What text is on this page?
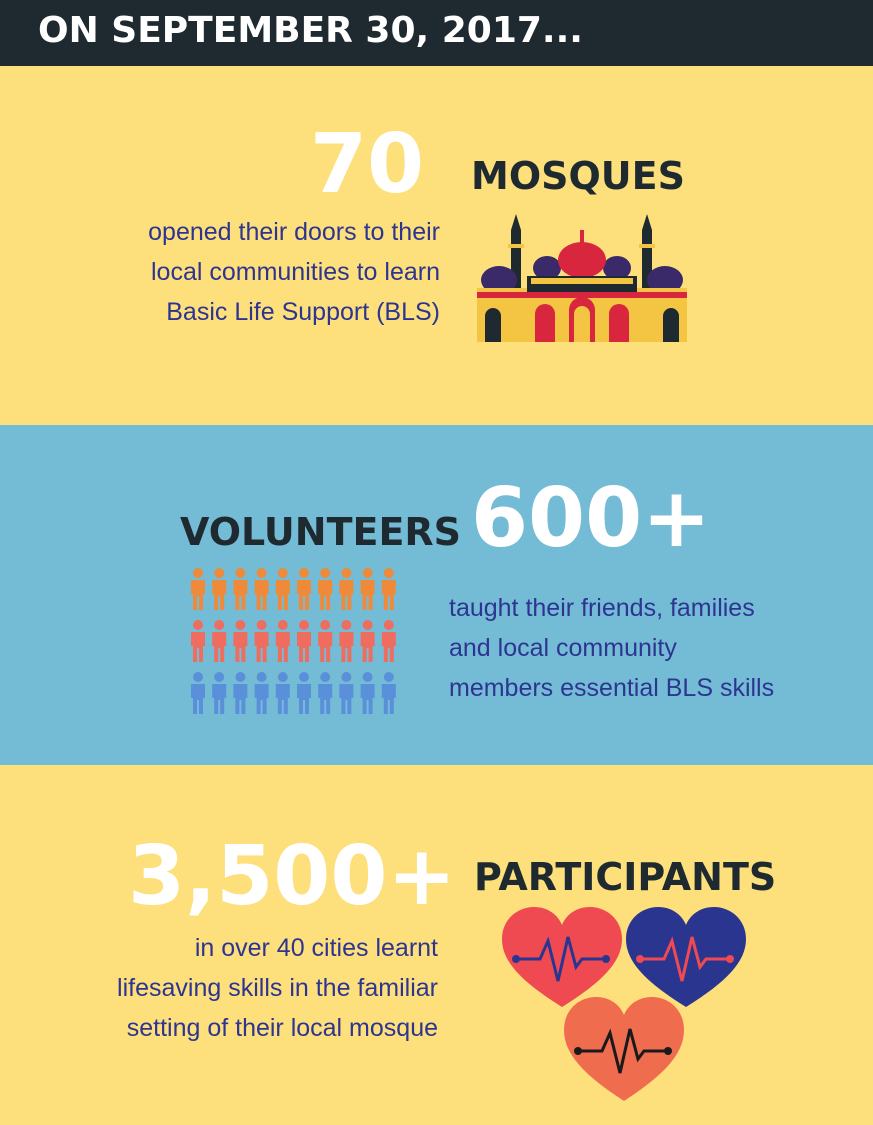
ON SEPTEMBER 30, 2017...
70 MOSQUES
opened their doors to their
local communities to learn
Basic Life Support (BLS)
VOLUNTEERS 600+
taught their friends, families
and local community
members essential BLS skills
3,500+ PARTICIPANTS
in over 40 cities learnt
lifesaving skills in the familiar
setting of their local mosque
